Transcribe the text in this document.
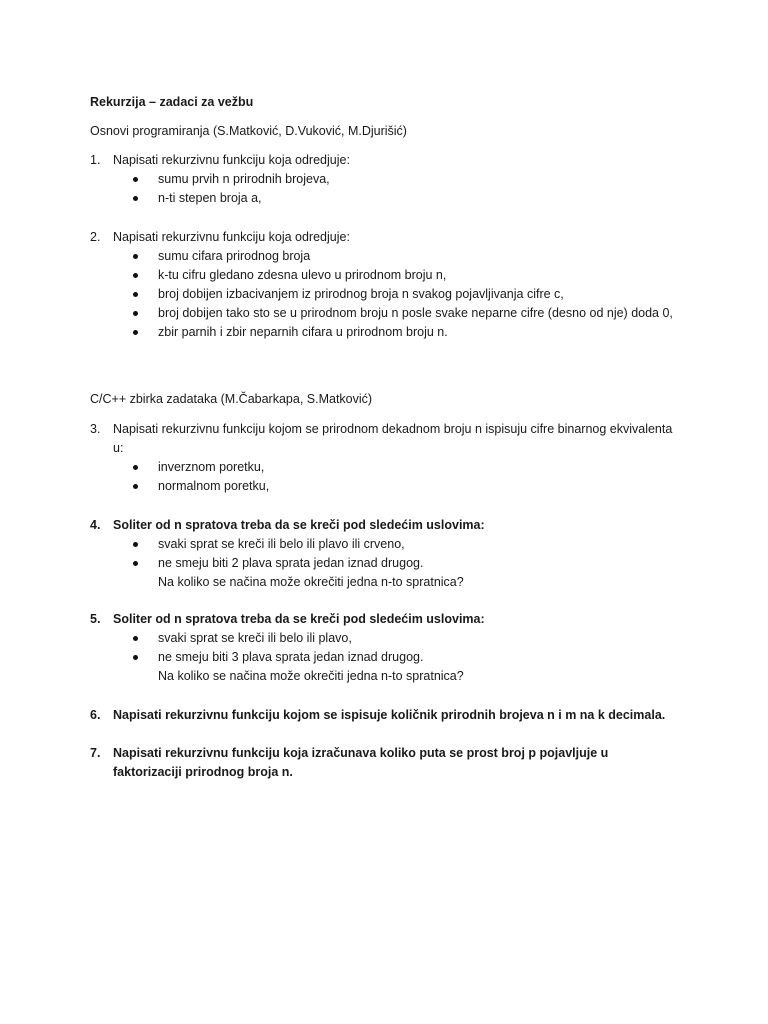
Rekurzija – zadaci za vežbu
Osnovi programiranja (S.Matković, D.Vuković, M.Djurišić)
1.	Napisati rekurzivnu funkciju koja odredjuje:
sumu prvih n prirodnih brojeva,
n-ti stepen broja a,
2.	Napisati rekurzivnu funkciju koja odredjuje:
sumu cifara prirodnog broja
k-tu cifru gledano zdesna ulevo u prirodnom broju n,
broj dobijen izbacivanjem iz prirodnog broja n svakog pojavljivanja cifre c,
broj dobijen tako sto se u prirodnom broju n posle svake neparne cifre (desno od nje) doda 0,
zbir parnih i zbir neparnih cifara u prirodnom broju n.
C/C++ zbirka zadataka (M.Čabarkapa, S.Matković)
3.	Napisati rekurzivnu funkciju kojom se prirodnom dekadnom broju n ispisuju cifre binarnog ekvivalenta u:
inverznom poretku,
normalnom poretku,
4.	Soliter od n spratova treba da se kreči pod sledećim uslovima:
svaki sprat se kreči ili belo ili plavo ili crveno,
ne smeju biti 2 plava sprata jedan iznad drugog.
Na koliko se načina može okrečiti jedna n-to spratnica?
5.	Soliter od n spratova treba da se kreči pod sledećim uslovima:
svaki sprat se kreči ili belo ili plavo,
ne smeju biti 3 plava sprata jedan iznad drugog.
Na koliko se načina može okrečiti jedna n-to spratnica?
6.	Napisati rekurzivnu funkciju kojom se ispisuje količnik prirodnih brojeva n i m na k decimala.
7.	Napisati rekurzivnu funkciju koja izračunava koliko puta se prost broj p pojavljuje u faktorizaciji prirodnog broja n.
